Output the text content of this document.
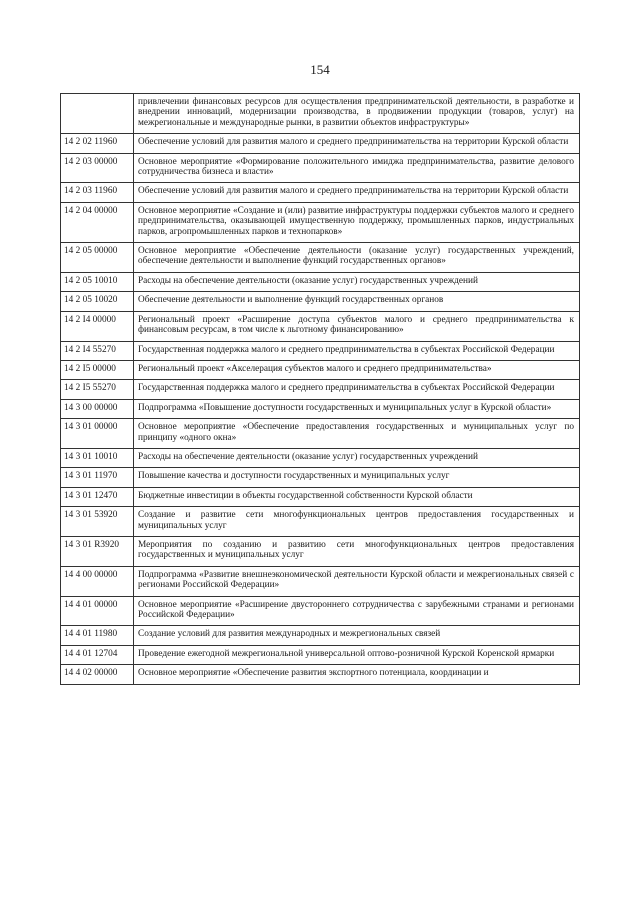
154
	привлечении финансовых ресурсов для осуществления предпринимательской деятельности, в разработке и внедрении инноваций, модернизации производства, в продвижении продукции (товаров, услуг) на межрегиональные и международные рынки, в развитии объектов инфраструктуры»
14 2 02 11960	Обеспечение условий для развития малого и среднего предпринимательства на территории Курской области
14 2 03 00000	Основное мероприятие «Формирование положительного имиджа предпринимательства, развитие делового сотрудничества бизнеса и власти»
14 2 03 11960	Обеспечение условий для развития малого и среднего предпринимательства на территории Курской области
14 2 04 00000	Основное мероприятие «Создание и (или) развитие инфраструктуры поддержки субъектов малого и среднего предпринимательства, оказывающей имущественную поддержку, промышленных парков, индустриальных парков, агропромышленных парков и технопарков»
14 2 05 00000	Основное мероприятие «Обеспечение деятельности (оказание услуг) государственных учреждений, обеспечение деятельности и выполнение функций государственных органов»
14 2 05 10010	Расходы на обеспечение деятельности (оказание услуг) государственных учреждений
14 2 05 10020	Обеспечение деятельности и выполнение функций государственных органов
14 2 I4 00000	Региональный проект «Расширение доступа субъектов малого и среднего предпринимательства к финансовым ресурсам, в том числе к льготному финансированию»
14 2 I4 55270	Государственная поддержка малого и среднего предпринимательства в субъектах Российской Федерации
14 2 I5 00000	Региональный проект «Акселерация субъектов малого и среднего предпринимательства»
14 2 I5 55270	Государственная поддержка малого и среднего предпринимательства в субъектах Российской Федерации
14 3 00 00000	Подпрограмма «Повышение доступности государственных и муниципальных услуг в Курской области»
14 3 01 00000	Основное мероприятие «Обеспечение предоставления государственных и муниципальных услуг по принципу «одного окна»
14 3 01 10010	Расходы на обеспечение деятельности (оказание услуг) государственных учреждений
14 3 01 11970	Повышение качества и доступности государственных и муниципальных услуг
14 3 01 12470	Бюджетные инвестиции в объекты государственной собственности Курской области
14 3 01 53920	Создание и развитие сети многофункциональных центров предоставления государственных и муниципальных услуг
14 3 01 R3920	Мероприятия по созданию и развитию сети многофункциональных центров предоставления государственных и муниципальных услуг
14 4 00 00000	Подпрограмма «Развитие внешнеэкономической деятельности Курской области и межрегиональных связей с регионами Российской Федерации»
14 4 01 00000	Основное мероприятие «Расширение двустороннего сотрудничества с зарубежными странами и регионами Российской Федерации»
14 4 01 11980	Создание условий для развития международных и межрегиональных связей
14 4 01 12704	Проведение ежегодной межрегиональной универсальной оптово-розничной Курской Коренской ярмарки
14 4 02 00000	Основное мероприятие «Обеспечение развития экспортного потенциала, координации и
